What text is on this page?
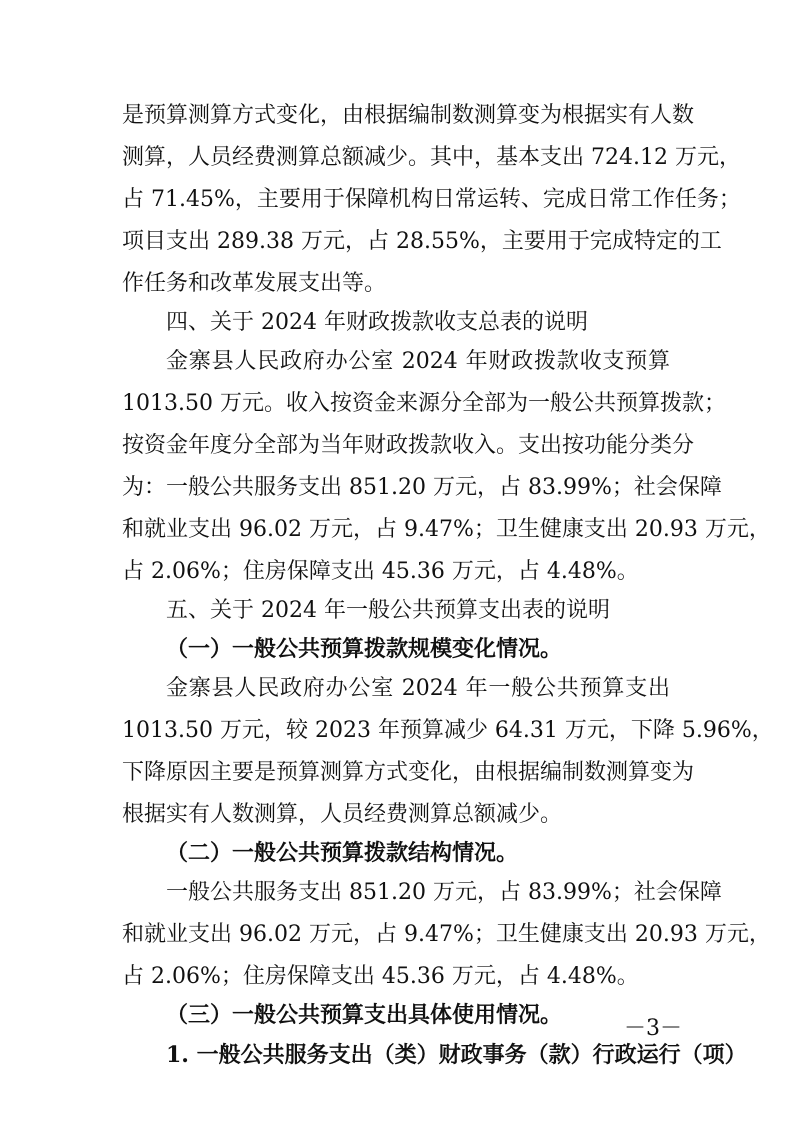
是预算测算方式变化，由根据编制数测算变为根据实有人数
测算，人员经费测算总额减少。其中，基本支出 724.12 万元，
占 71.45%，主要用于保障机构日常运转、完成日常工作任务；
项目支出 289.38 万元，占 28.55%，主要用于完成特定的工
作任务和改革发展支出等。
四、关于 2024 年财政拨款收支总表的说明
金寨县人民政府办公室 2024 年财政拨款收支预算
1013.50 万元。收入按资金来源分全部为一般公共预算拨款；
按资金年度分全部为当年财政拨款收入。支出按功能分类分
为：一般公共服务支出 851.20 万元，占 83.99%；社会保障
和就业支出 96.02 万元，占 9.47%；卫生健康支出 20.93 万元，
占 2.06%；住房保障支出 45.36 万元，占 4.48%。
五、关于 2024 年一般公共预算支出表的说明
（一）一般公共预算拨款规模变化情况。
金寨县人民政府办公室 2024 年一般公共预算支出
1013.50 万元，较 2023 年预算减少 64.31 万元，下降 5.96%，
下降原因主要是预算测算方式变化，由根据编制数测算变为
根据实有人数测算，人员经费测算总额减少。
（二）一般公共预算拨款结构情况。
一般公共服务支出 851.20 万元，占 83.99%；社会保障
和就业支出 96.02 万元，占 9.47%；卫生健康支出 20.93 万元，
占 2.06%；住房保障支出 45.36 万元，占 4.48%。
（三）一般公共预算支出具体使用情况。
1. 一般公共服务支出（类）财政事务（款）行政运行（项）
－3－
